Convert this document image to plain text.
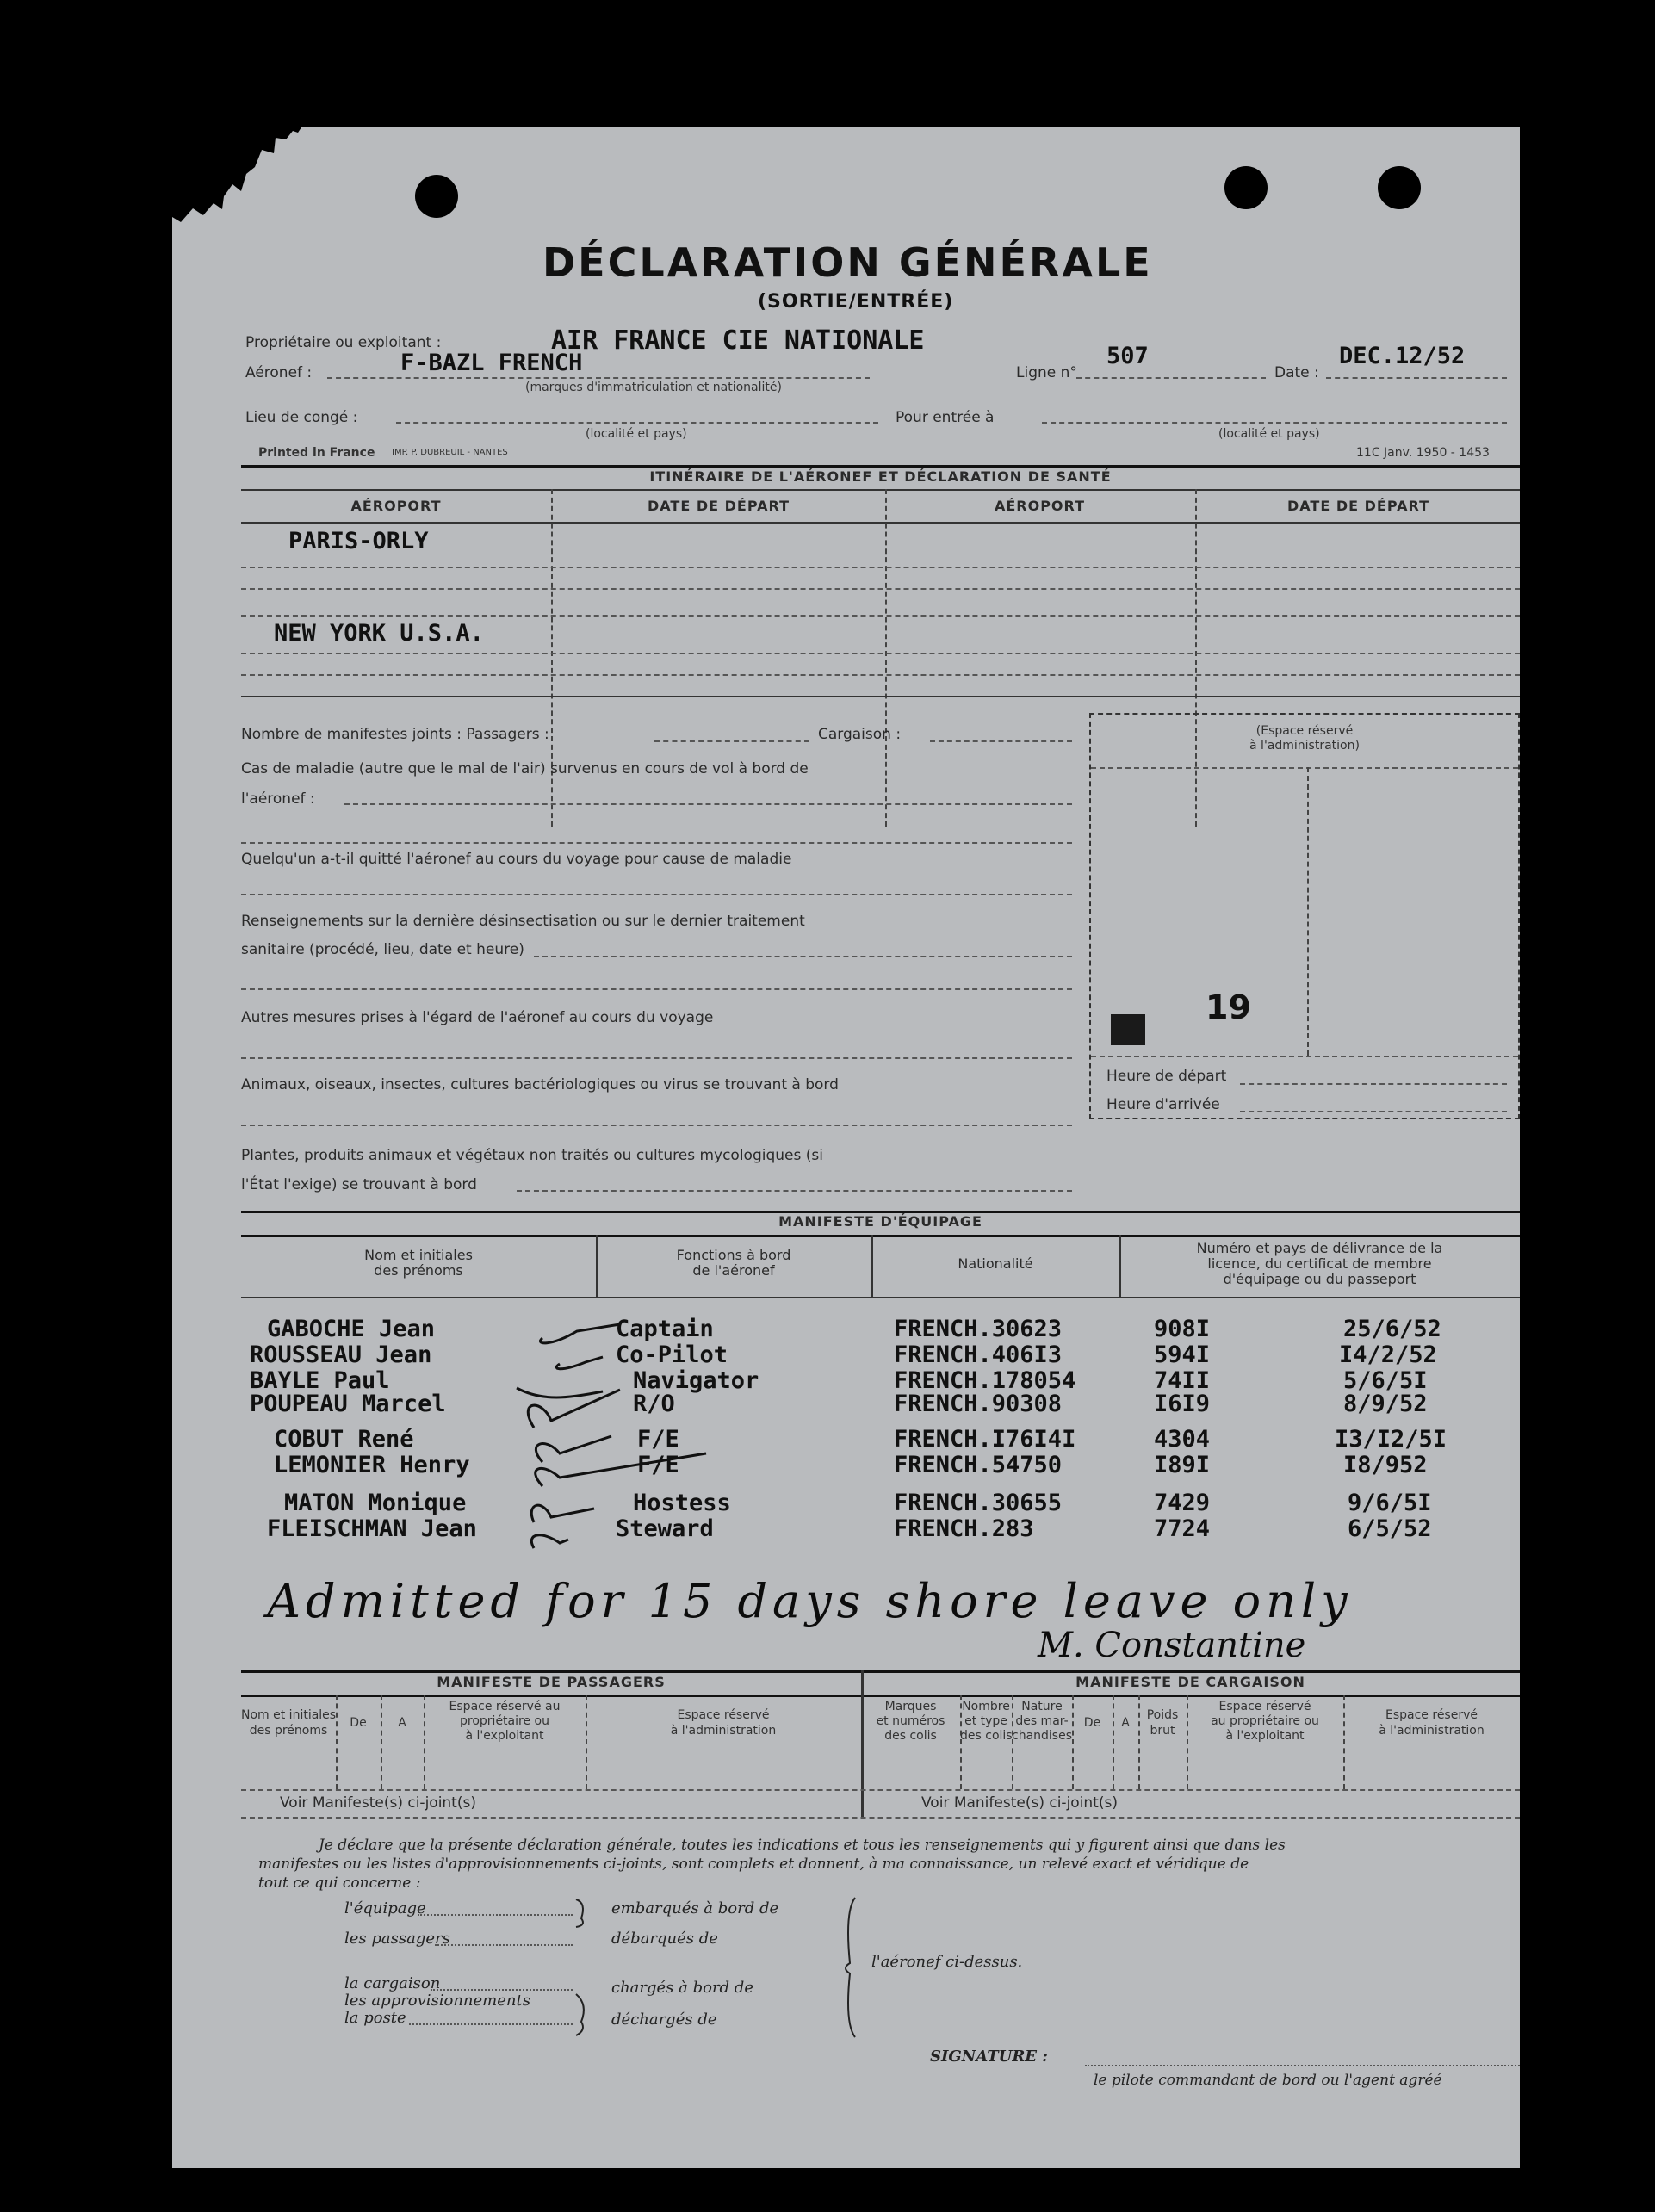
DÉCLARATION GÉNÉRALE
(SORTIE/ENTRÉE)
Propriétaire ou exploitant :	AIR FRANCE CIE NATIONALE
Aéronef :	F-BAZL FRENCH
(marques d'immatriculation et nationalité)
Ligne n°
507
Date :
DEC.12/52
Lieu de congé :
(localité et pays)
Pour entrée à
(localité et pays)
Printed in France IMP. P. DUBREUIL - NANTES	11C Janv. 1950 - 1453
ITINÉRAIRE DE L'AÉRONEF ET DÉCLARATION DE SANTÉ
AÉROPORT	DATE DE DÉPART	AÉROPORT	DATE DE DÉPART
PARIS-ORLY
NEW YORK U.S.A.
Nombre de manifestes joints : Passagers :	Cargaison :
Cas de maladie (autre que le mal de l'air) survenus en cours de vol à bord de
l'aéronef :
Quelqu'un a-t-il quitté l'aéronef au cours du voyage pour cause de maladie
Renseignements sur la dernière désinsectisation ou sur le dernier traitement
sanitaire (procédé, lieu, date et heure)
Autres mesures prises à l'égard de l'aéronef au cours du voyage
Animaux, oiseaux, insectes, cultures bactériologiques ou virus se trouvant à bord
Plantes, produits animaux et végétaux non traités ou cultures mycologiques (si
l'État l'exige) se trouvant à bord
(Espace réservé
à l'administration)
19
Heure de départ
Heure d'arrivée
MANIFESTE D'ÉQUIPAGE
Nom et initiales
des prénoms
Fonctions à bord
de l'aéronef	Nationalité
Numéro et pays de délivrance de la
licence, du certificat de membre
d'équipage ou du passeport
GABOCHE Jean	Captain	FRENCH.30623	908I	25/6/52
ROUSSEAU Jean	Co-Pilot	FRENCH.406I3	594I	I4/2/52
BAYLE Paul	Navigator	FRENCH.178054	74II	5/6/5I
POUPEAU Marcel	R/O	FRENCH.90308	I6I9	8/9/52
COBUT René	F/E	FRENCH.I76I4I	4304	I3/I2/5I
LEMONIER Henry	F/E	FRENCH.54750	I89I	I8/952
MATON Monique	Hostess	FRENCH.30655	7429	9/6/5I
FLEISCHMAN Jean	Steward	FRENCH.283	7724	6/5/52
Admitted for 15 days shore leave only
M. Constantine
MANIFESTE DE PASSAGERS	MANIFESTE DE CARGAISON
Nom et initiales
des prénoms
De	A
Espace réservé au
propriétaire ou
à l'exploitant
Espace réservé
à l'administration
Marques
et numéros
des colis
Nombre
et type
des colis
Nature
des mar-
chandises
De	A
Poids
brut
Espace réservé
au propriétaire ou
à l'exploitant
Espace réservé
à l'administration
Voir Manifeste(s) ci-joint(s)	Voir Manifeste(s) ci-joint(s)
Je déclare que la présente déclaration générale, toutes les indications et tous les renseignements qui y figurent ainsi que dans les
manifestes ou les listes d'approvisionnements ci-joints, sont complets et donnent, à ma connaissance, un relevé exact et véridique de
tout ce qui concerne :
l'équipage
les passagers
la cargaison
les approvisionnements
la poste
embarqués à bord de
débarqués de
chargés à bord de
déchargés de
l'aéronef ci-dessus.
SIGNATURE :
le pilote commandant de bord ou l'agent agréé
